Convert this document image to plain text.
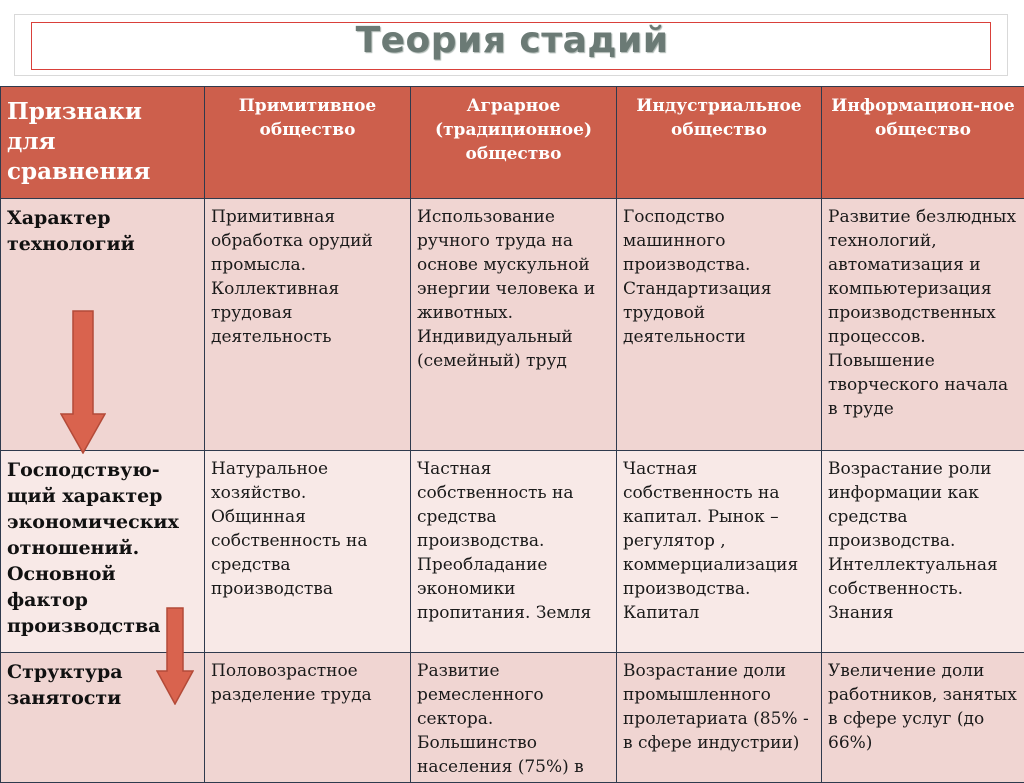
Теория стадий
Признаки для сравнения	Примитивное общество	Аграрное (традиционное) общество	Индустриальное общество	Информацион-ное общество
Характер технологий	Примитивная обработка орудий промысла. Коллективная трудовая деятельность	Использование ручного труда на основе мускульной энергии человека и животных. Индивидуальный (семейный) труд	Господство машинного производства. Стандартизация трудовой деятельности	Развитие безлюдных технологий, автоматизация и компьютеризация производственных процессов. Повышение творческого начала в труде
Господствую-щий характер экономических отношений. Основной фактор производства	Натуральное хозяйство. Общинная собственность на средства производства	Частная собственность на средства производства. Преобладание экономики пропитания. Земля	Частная собственность на капитал. Рынок – регулятор , коммерциализация производства. Капитал	Возрастание роли информации как средства производства. Интеллектуальная собственность. Знания
Структура занятости	Половозрастное разделение труда	Развитие ремесленного сектора. Большинство населения (75%) в	Возрастание доли промышленного пролетариата (85% - в сфере индустрии)	Увеличение доли работников, занятых в сфере услуг (до 66%)
